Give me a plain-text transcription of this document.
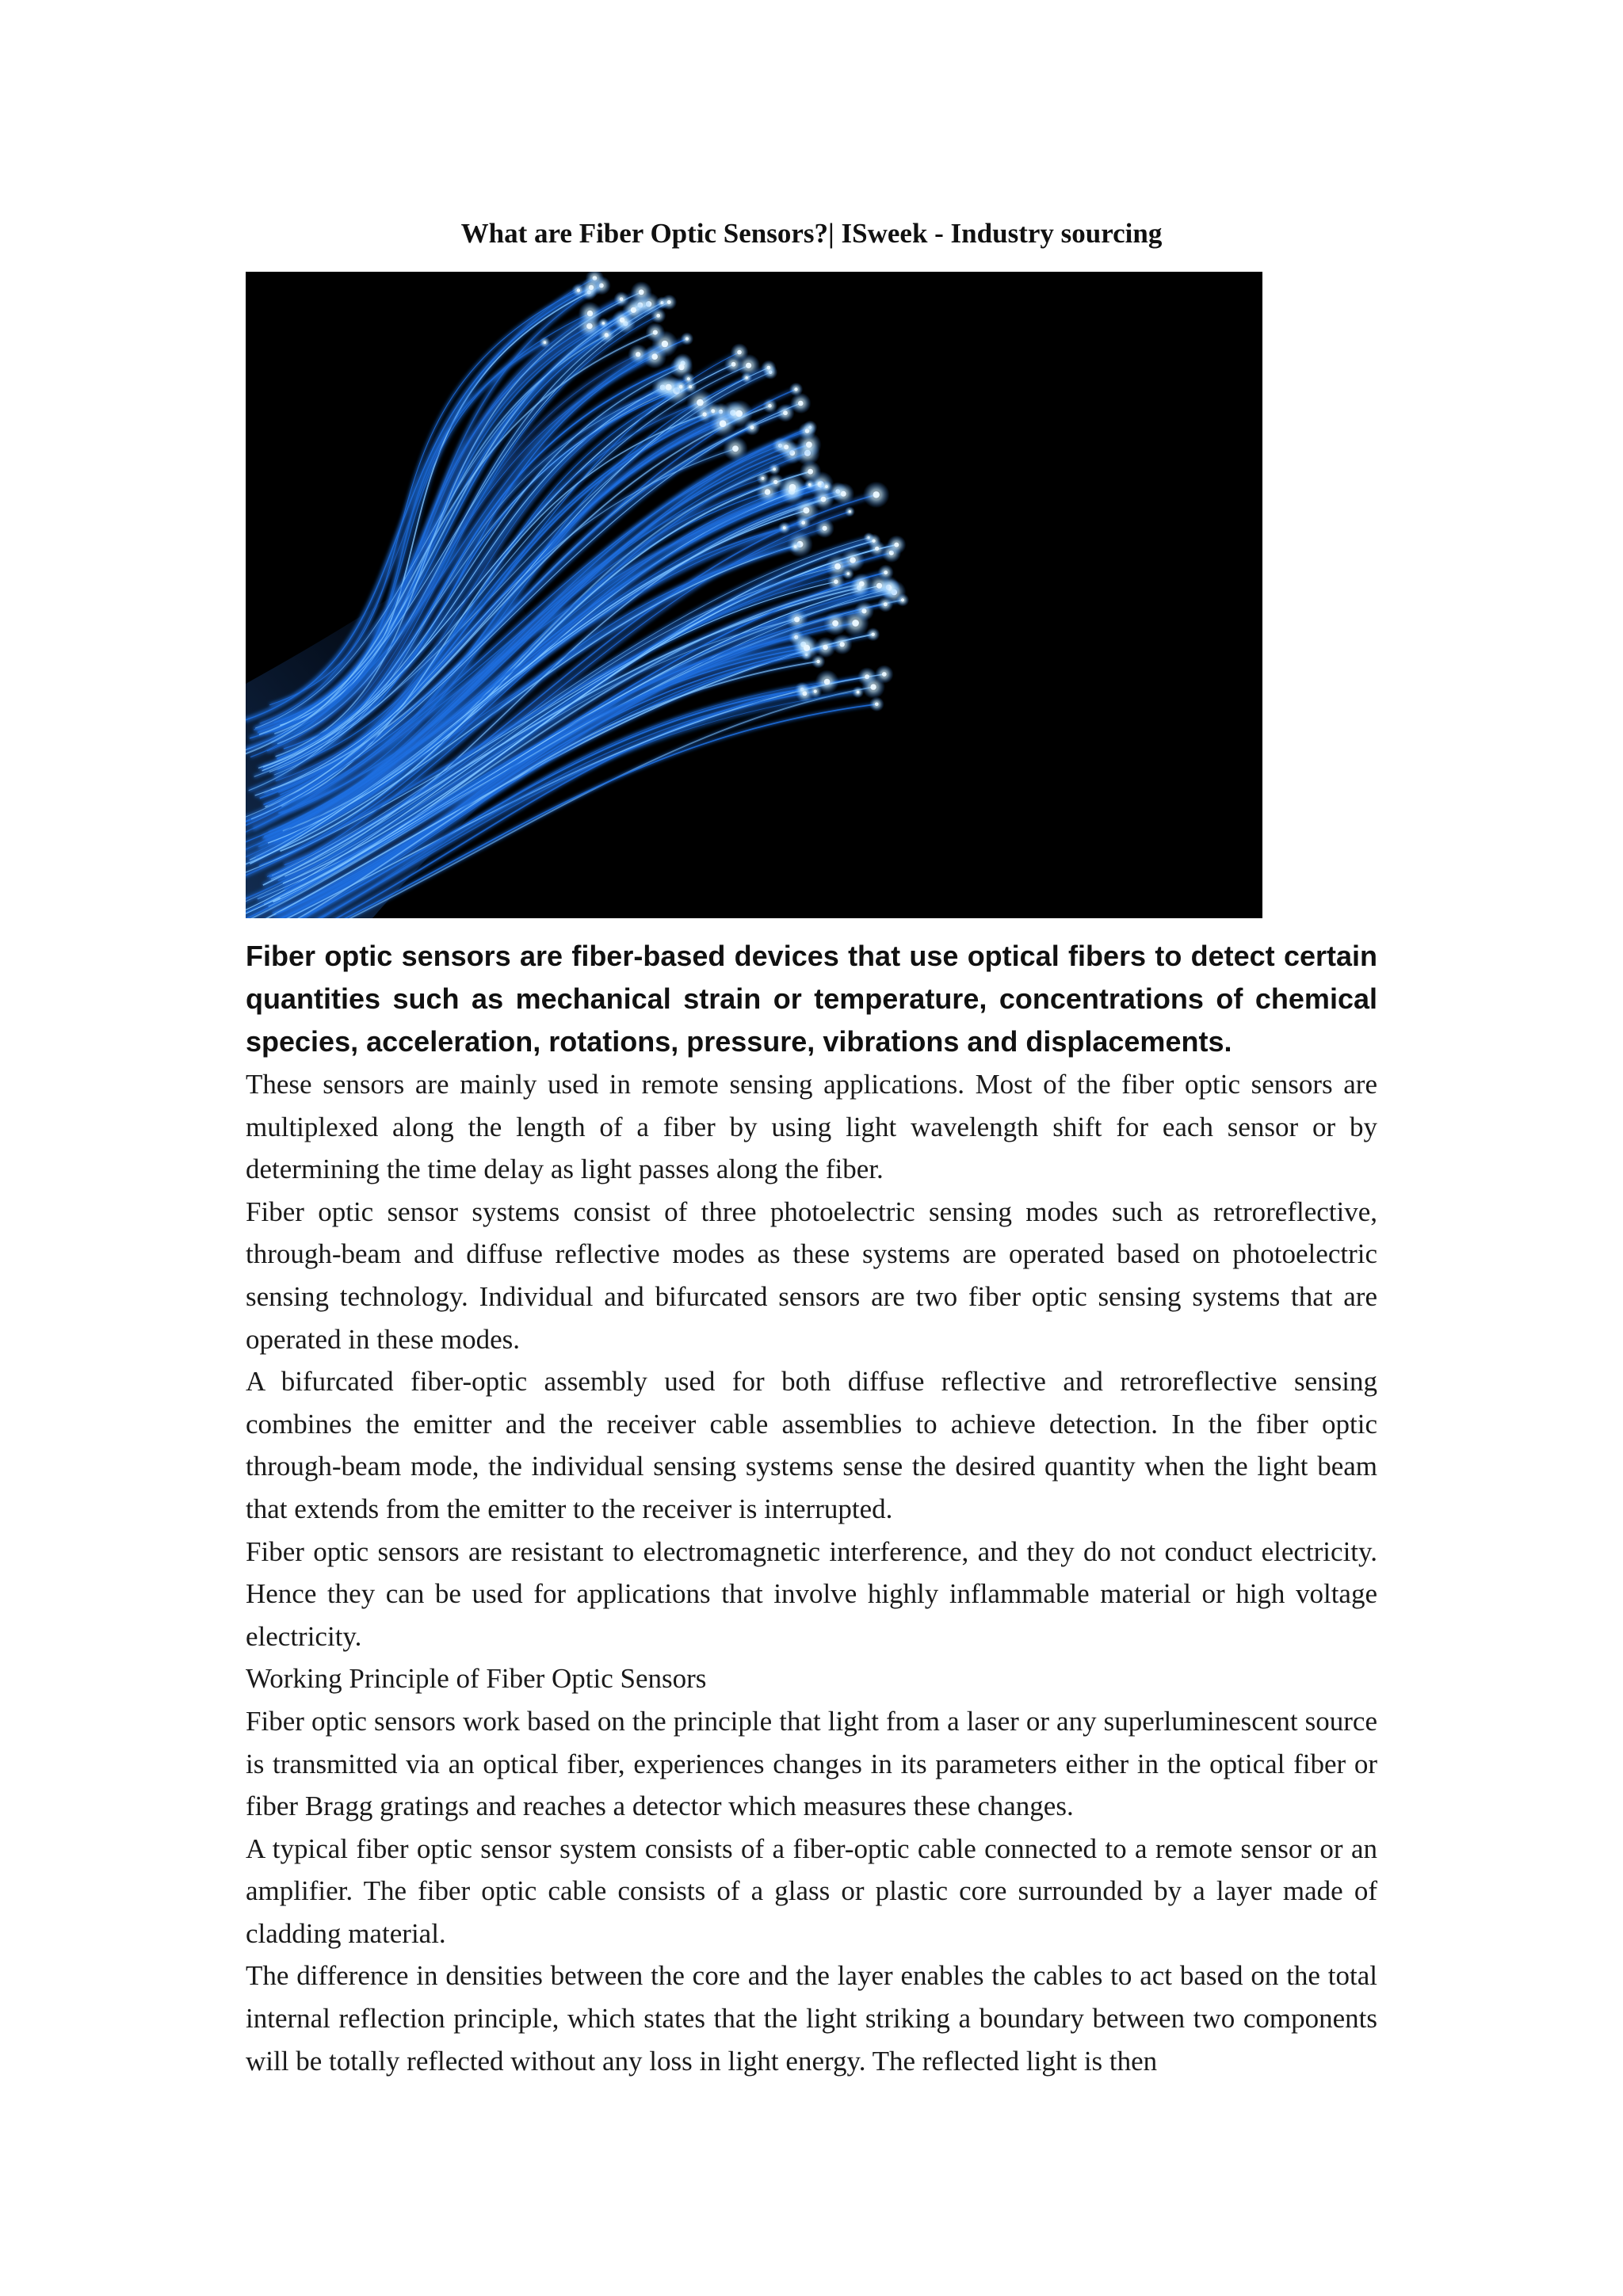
What are Fiber Optic Sensors?| ISweek - Industry sourcing

Fiber optic sensors are fiber-based devices that use optical fibers to detect certain quantities such as mechanical strain or temperature, concentrations of chemical species, acceleration, rotations, pressure, vibrations and displacements.

These sensors are mainly used in remote sensing applications. Most of the fiber optic sensors are multiplexed along the length of a fiber by using light wavelength shift for each sensor or by determining the time delay as light passes along the fiber.

Fiber optic sensor systems consist of three photoelectric sensing modes such as retroreflective, through-beam and diffuse reflective modes as these systems are operated based on photoelectric sensing technology. Individual and bifurcated sensors are two fiber optic sensing systems that are operated in these modes.

A bifurcated fiber-optic assembly used for both diffuse reflective and retroreflective sensing combines the emitter and the receiver cable assemblies to achieve detection. In the fiber optic through-beam mode, the individual sensing systems sense the desired quantity when the light beam that extends from the emitter to the receiver is interrupted.

Fiber optic sensors are resistant to electromagnetic interference, and they do not conduct electricity. Hence they can be used for applications that involve highly inflammable material or high voltage electricity.

Working Principle of Fiber Optic Sensors

Fiber optic sensors work based on the principle that light from a laser or any superluminescent source is transmitted via an optical fiber, experiences changes in its parameters either in the optical fiber or fiber Bragg gratings and reaches a detector which measures these changes.

A typical fiber optic sensor system consists of a fiber-optic cable connected to a remote sensor or an amplifier. The fiber optic cable consists of a glass or plastic core surrounded by a layer made of cladding material.

The difference in densities between the core and the layer enables the cables to act based on the total internal reflection principle, which states that the light striking a boundary between two components will be totally reflected without any loss in light energy. The reflected light is then
